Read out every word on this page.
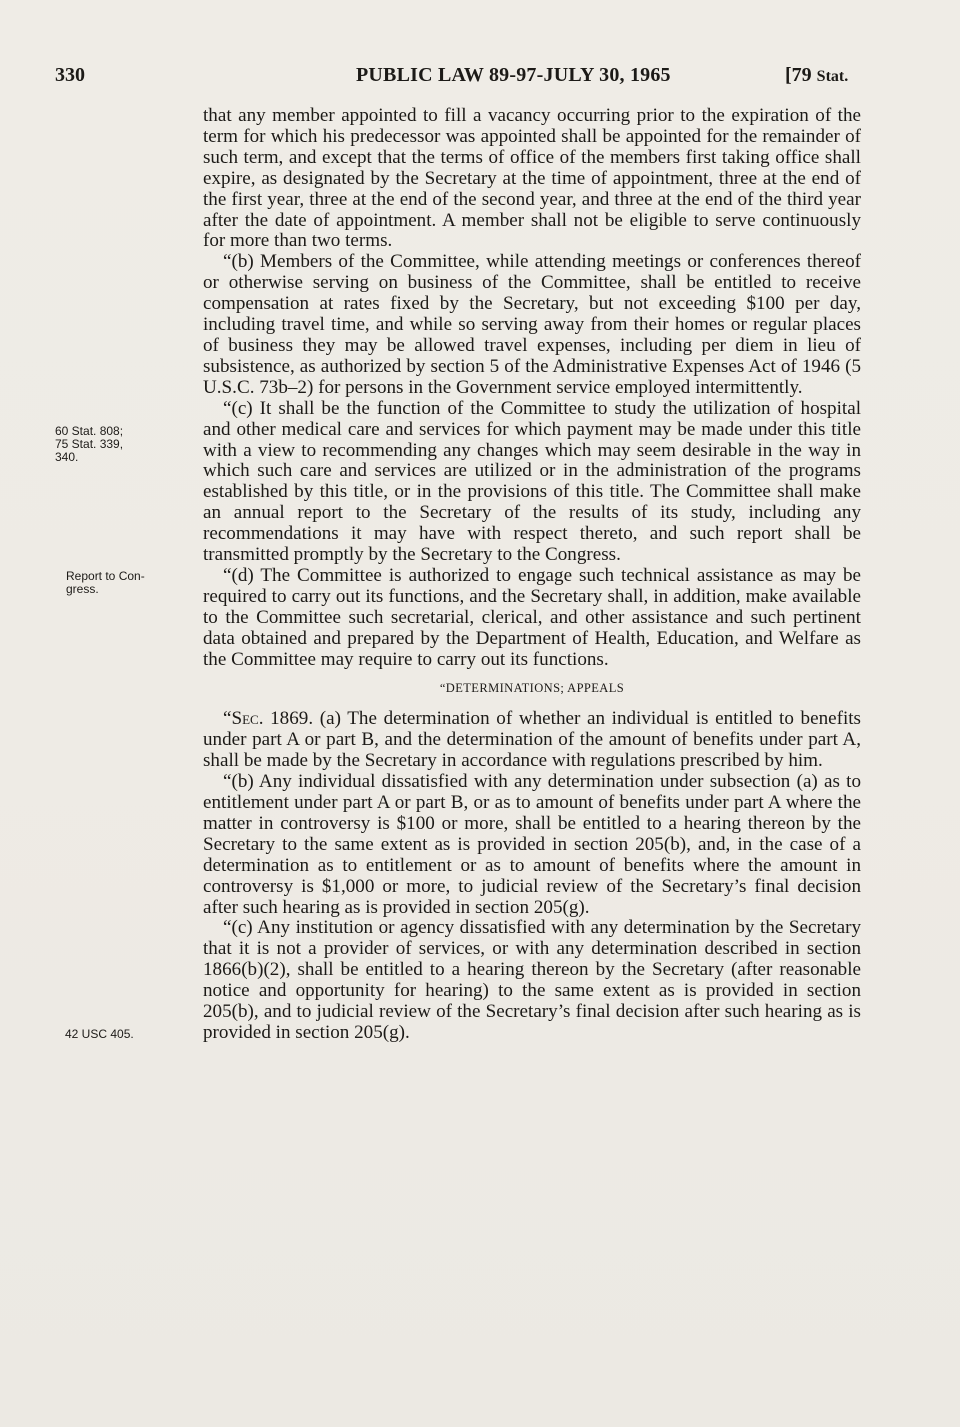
330	PUBLIC LAW 89-97-JULY 30, 1965	[79 Stat.
60 Stat. 808;
75 Stat. 339,
340.
Report to Con-
gress.
42 USC 405.

that any member appointed to fill a vacancy occurring prior to the expiration of the term for which his predecessor was appointed shall be appointed for the remainder of such term, and except that the terms of office of the members first taking office shall expire, as designated by the Secretary at the time of appointment, three at the end of the first year, three at the end of the second year, and three at the end of the third year after the date of appointment. A member shall not be eligible to serve continuously for more than two terms.

“(b) Members of the Committee, while attending meetings or conferences thereof or otherwise serving on business of the Committee, shall be entitled to receive compensation at rates fixed by the Secretary, but not exceeding $100 per day, including travel time, and while so serving away from their homes or regular places of business they may be allowed travel expenses, including per diem in lieu of subsistence, as authorized by section 5 of the Administrative Expenses Act of 1946 (5 U.S.C. 73b–2) for persons in the Government service employed intermittently.

“(c) It shall be the function of the Committee to study the utilization of hospital and other medical care and services for which payment may be made under this title with a view to recommending any changes which may seem desirable in the way in which such care and services are utilized or in the administration of the programs established by this title, or in the provisions of this title. The Committee shall make an annual report to the Secretary of the results of its study, including any recommendations it may have with respect thereto, and such report shall be transmitted promptly by the Secretary to the Congress.

“(d) The Committee is authorized to engage such technical assistance as may be required to carry out its functions, and the Secretary shall, in addition, make available to the Committee such secretarial, clerical, and other assistance and such pertinent data obtained and prepared by the Department of Health, Education, and Welfare as the Committee may require to carry out its functions.

“DETERMINATIONS; APPEALS

“Sec. 1869. (a) The determination of whether an individual is entitled to benefits under part A or part B, and the determination of the amount of benefits under part A, shall be made by the Secretary in accordance with regulations prescribed by him.

“(b) Any individual dissatisfied with any determination under subsection (a) as to entitlement under part A or part B, or as to amount of benefits under part A where the matter in controversy is $100 or more, shall be entitled to a hearing thereon by the Secretary to the same extent as is provided in section 205(b), and, in the case of a determination as to entitlement or as to amount of benefits where the amount in controversy is $1,000 or more, to judicial review of the Secretary’s final decision after such hearing as is provided in section 205(g).

“(c) Any institution or agency dissatisfied with any determination by the Secretary that it is not a provider of services, or with any determination described in section 1866(b)(2), shall be entitled to a hearing thereon by the Secretary (after reasonable notice and opportunity for hearing) to the same extent as is provided in section 205(b), and to judicial review of the Secretary’s final decision after such hearing as is provided in section 205(g).
